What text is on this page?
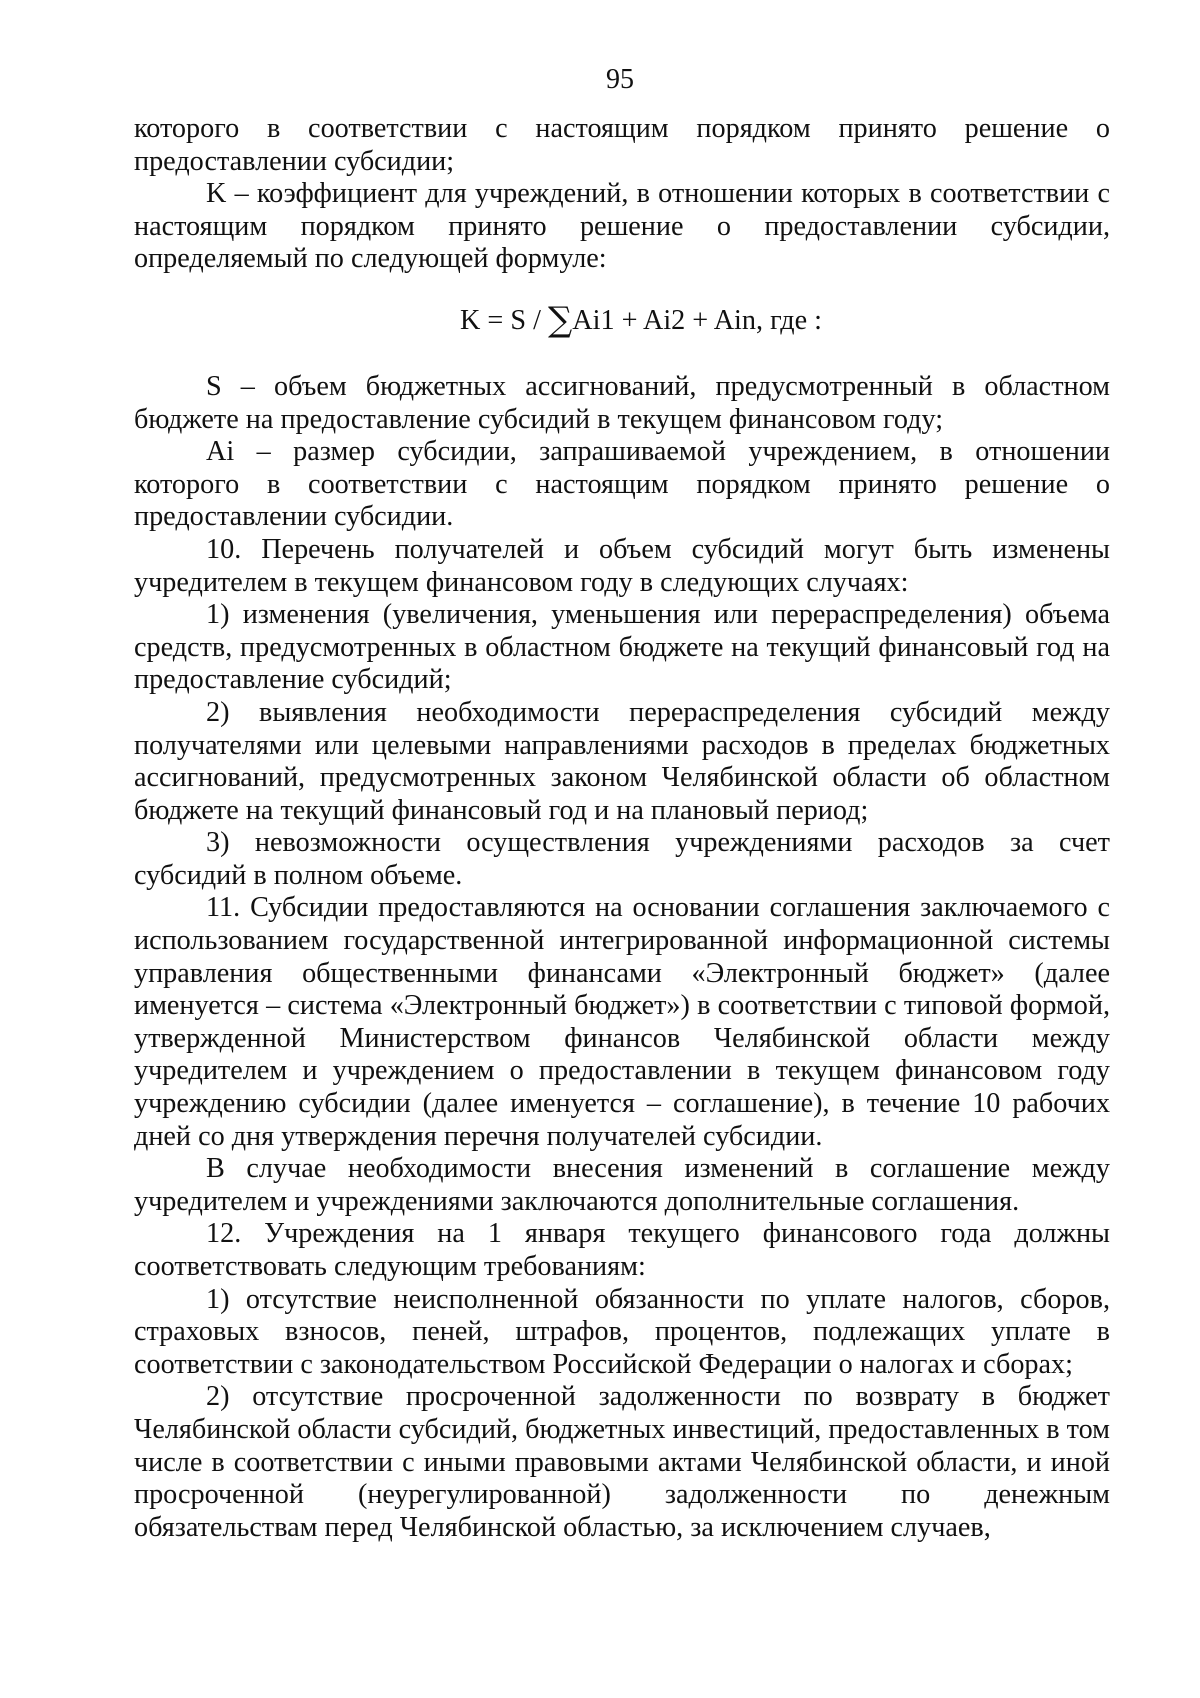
95

которого в соответствии с настоящим порядком принято решение о предоставлении субсидии;

K – коэффициент для учреждений, в отношении которых в соответствии с настоящим порядком принято решение о предоставлении субсидии, определяемый по следующей формуле:

K = S / ∑Ai1 + Ai2 + Ain, где :

S – объем бюджетных ассигнований, предусмотренный в областном бюджете на предоставление субсидий в текущем финансовом году;

Ai – размер субсидии, запрашиваемой учреждением, в отношении которого в соответствии с настоящим порядком принято решение о предоставлении субсидии.

10. Перечень получателей и объем субсидий могут быть изменены учредителем в текущем финансовом году в следующих случаях:

1) изменения (увеличения, уменьшения или перераспределения) объема средств, предусмотренных в областном бюджете на текущий финансовый год на предоставление субсидий;

2) выявления необходимости перераспределения субсидий между получателями или целевыми направлениями расходов в пределах бюджетных ассигнований, предусмотренных законом Челябинской области об областном бюджете на текущий финансовый год и на плановый период;

3) невозможности осуществления учреждениями расходов за счет субсидий в полном объеме.

11. Субсидии предоставляются на основании соглашения заключаемого с использованием государственной интегрированной информационной системы управления общественными финансами «Электронный бюджет» (далее именуется – система «Электронный бюджет») в соответствии с типовой формой, утвержденной Министерством финансов Челябинской области между учредителем и учреждением о предоставлении в текущем финансовом году учреждению субсидии (далее именуется – соглашение), в течение 10 рабочих дней со дня утверждения перечня получателей субсидии.

В случае необходимости внесения изменений в соглашение между учредителем и учреждениями заключаются дополнительные соглашения.

12. Учреждения на 1 января текущего финансового года должны соответствовать следующим требованиям:

1) отсутствие неисполненной обязанности по уплате налогов, сборов, страховых взносов, пеней, штрафов, процентов, подлежащих уплате в соответствии с законодательством Российской Федерации о налогах и сборах;

2) отсутствие просроченной задолженности по возврату в бюджет Челябинской области субсидий, бюджетных инвестиций, предоставленных в том числе в соответствии с иными правовыми актами Челябинской области, и иной просроченной (неурегулированной) задолженности по денежным обязательствам перед Челябинской областью, за исключением случаев,
